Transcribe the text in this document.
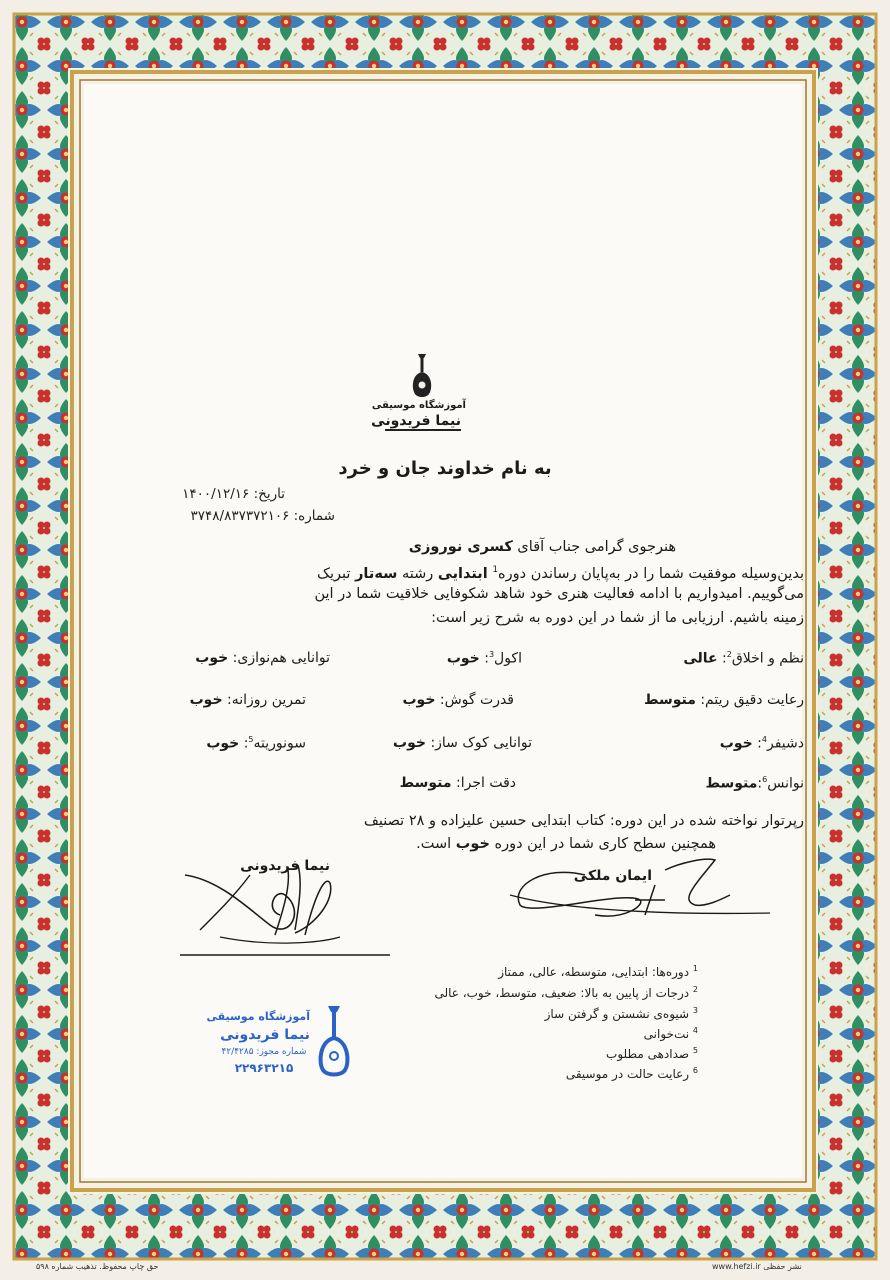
آموزشگاه موسیقی
نیما فریدونی
به نام خداوند جان و خرد
تاریخ: ۱۴۰۰/۱۲/۱۶
شماره: ۳۷۴۸/۸۳۷۳۷۲۱۰۶
هنرجوی گرامی جناب آقای کسری نوروزی
بدین‌وسیله موفقیت شما را در به‌پایان رساندن دوره$^1$ ابتدایی رشته سه‌تار تبریک
می‌گوییم. امیدواریم با ادامه فعالیت هنری خود شاهد شکوفایی خلاقیت شما در این
زمینه باشیم. ارزیابی ما از شما در این دوره به شرح زیر است:
نظم و اخلاق$^2$: عالی
اکول$^3$: خوب
توانایی هم‌نوازی: خوب
رعایت دقیق ریتم: متوسط
قدرت گوش: خوب
تمرین روزانه: خوب
دشیفر$^4$: خوب
توانایی کوک ساز: خوب
سونوریته$^5$: خوب
نوانس$^6$:متوسط
دقت اجرا: متوسط
رپرتوار نواخته شده در این دوره: کتاب ابتدایی حسین علیزاده و ۲۸ تصنیف
همچنین سطح کاری شما در این دوره خوب است.
نیما فریدونی
ایمان ملکی
$^1$ دوره‌ها: ابتدایی، متوسطه، عالی، ممتاز
$^2$ درجات از پایین به بالا: ضعیف، متوسط، خوب، عالی
$^3$ شیوه‌ی نشستن و گرفتن ساز
$^4$ نت‌خوانی
$^5$ صدادهی مطلوب
$^6$ رعایت حالت در موسیقی
آموزشگاه موسیقی
نیما فریدونی
شماره مجوز: ۴۲/۴۲۸۵
۲۲۹۶۳۲۱۵
حق چاپ محفوظ. تذهیب شماره ۵۹۸	www.hefzi.ir نشر حفظی
